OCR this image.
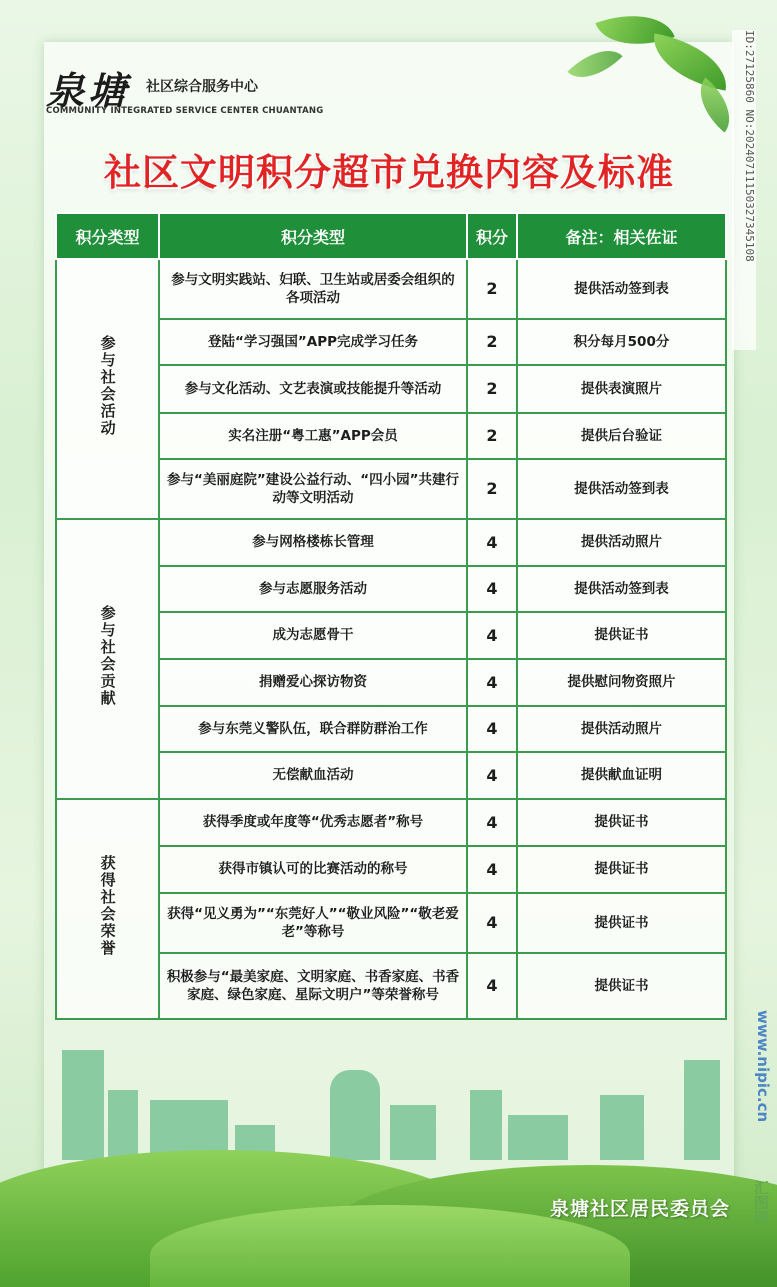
泉塘 社区综合服务中心
COMMUNITY INTEGRATED SERVICE CENTER CHUANTANG
社区文明积分超市兑换内容及标准
积分类型	积分类型	积分	备注：相关佐证
参与社会活动	参与文明实践站、妇联、卫生站或居委会组织的各项活动	2	提供活动签到表
	登陆“学习强国”APP完成学习任务	2	积分每月500分
	参与文化活动、文艺表演或技能提升等活动	2	提供表演照片
	实名注册“粤工惠”APP会员	2	提供后台验证
	参与“美丽庭院”建设公益行动、“四小园”共建行动等文明活动	2	提供活动签到表
参与社会贡献	参与网格楼栋长管理	4	提供活动照片
	参与志愿服务活动	4	提供活动签到表
	成为志愿骨干	4	提供证书
	捐赠爱心探访物资	4	提供慰问物资照片
	参与东莞义警队伍，联合群防群治工作	4	提供活动照片
	无偿献血活动	4	提供献血证明
获得社会荣誉	获得季度或年度等“优秀志愿者”称号	4	提供证书
	获得市镇认可的比赛活动的称号	4	提供证书
	获得“见义勇为”“东莞好人”“敬业风险”“敬老爱老”等称号	4	提供证书
	积极参与“最美家庭、文明家庭、书香家庭、书香家庭、绿色家庭、星际文明户”等荣誉称号	4	提供证书
泉塘社区居民委员会
ID:27125860 NO:20240711150327345108
www.nipic.cn
汇图网
